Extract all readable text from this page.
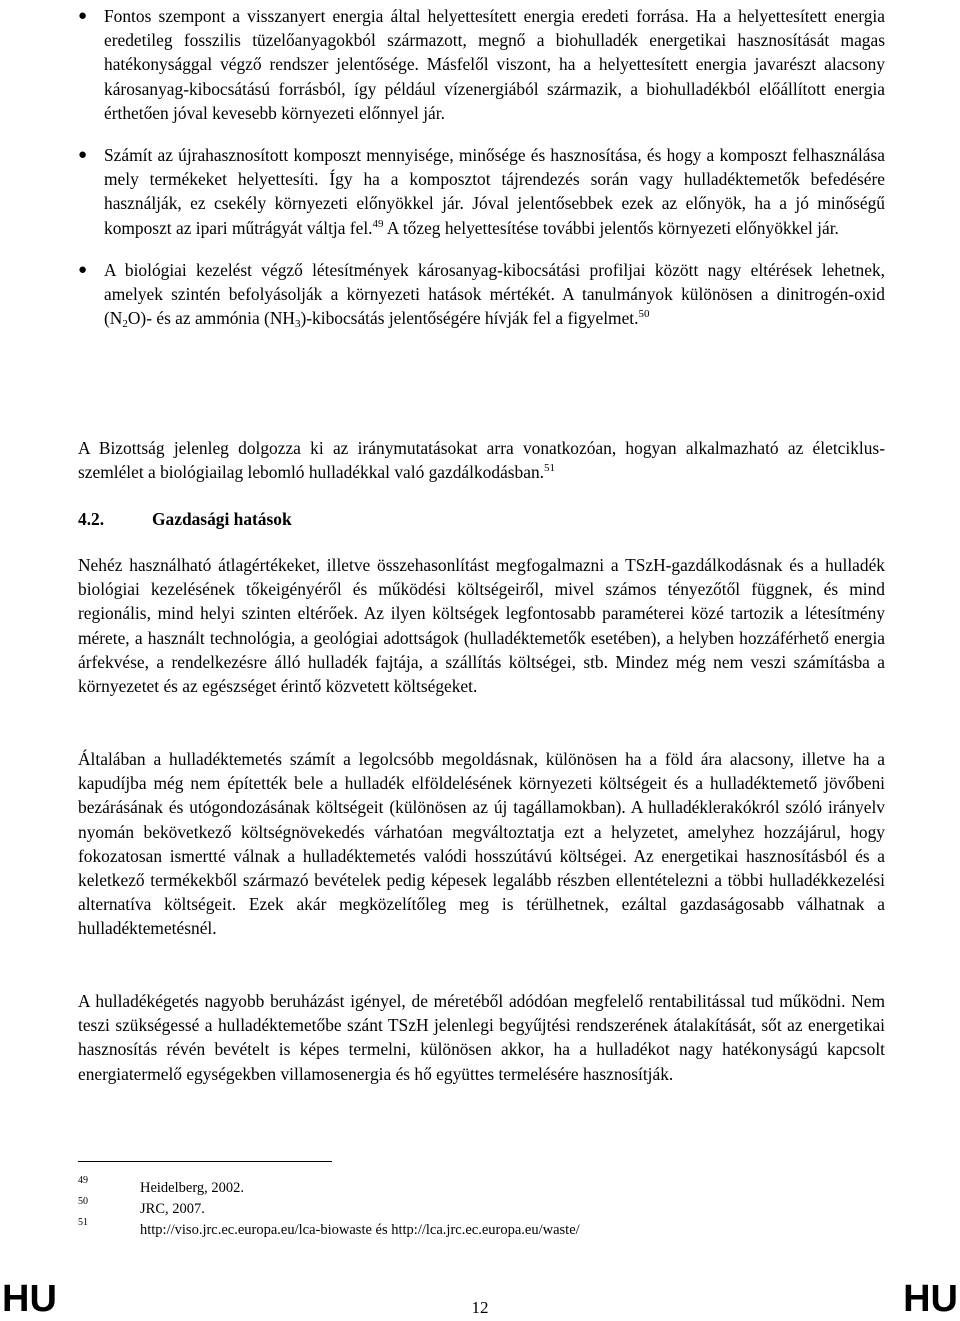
● Fontos szempont a visszanyert energia által helyettesített energia eredeti forrása. Ha a helyettesített energia eredetileg fosszilis tüzelőanyagokból származott, megnő a biohulladék energetikai hasznosítását magas hatékonysággal végző rendszer jelentősége. Másfelől viszont, ha a helyettesített energia javarészt alacsony károsanyag-kibocsátású forrásból, így például vízenergiából származik, a biohulladékból előállított energia érthetően jóval kevesebb környezeti előnnyel jár.
● Számít az újrahasznosított komposzt mennyisége, minősége és hasznosítása, és hogy a komposzt felhasználása mely termékeket helyettesíti. Így ha a komposztot tájrendezés során vagy hulladéktemetők befedésére használják, ez csekély környezeti előnyökkel jár. Jóval jelentősebbek ezek az előnyök, ha a jó minőségű komposzt az ipari műtrágyát váltja fel.$^{49}$ A tőzeg helyettesítése további jelentős környezeti előnyökkel jár.
● A biológiai kezelést végző létesítmények károsanyag-kibocsátási profiljai között nagy eltérések lehetnek, amelyek szintén befolyásolják a környezeti hatások mértékét. A tanulmányok különösen a dinitrogén-oxid $(N_2O)-$ és az ammónia $(NH_3)$-kibocsátás jelentőségére hívják fel a figyelmet.$^{50}$
A Bizottság jelenleg dolgozza ki az iránymutatásokat arra vonatkozóan, hogyan alkalmazható az életciklus-szemlélet a biológiailag lebomló hulladékkal való gazdálkodásban.$^{51}$
4.2.	Gazdasági hatások
Nehéz használható átlagértékeket, illetve összehasonlítást megfogalmazni a TSzH-gazdálkodásnak és a hulladék biológiai kezelésének tőkeigényéről és működési költségeiről, mivel számos tényezőtől függnek, és mind regionális, mind helyi szinten eltérőek. Az ilyen költségek legfontosabb paraméterei közé tartozik a létesítmény mérete, a használt technológia, a geológiai adottságok (hulladéktemetők esetében), a helyben hozzáférhető energia árfekvése, a rendelkezésre álló hulladék fajtája, a szállítás költségei, stb. Mindez még nem veszi számításba a környezetet és az egészséget érintő közvetett költségeket.
Általában a hulladéktemetés számít a legolcsóbb megoldásnak, különösen ha a föld ára alacsony, illetve ha a kapudíjba még nem építették bele a hulladék elföldelésének környezeti költségeit és a hulladéktemető jövőbeni bezárásának és utógondozásának költségeit (különösen az új tagállamokban). A hulladéklerakókról szóló irányelv nyomán bekövetkező költségnövekedés várhatóan megváltoztatja ezt a helyzetet, amelyhez hozzájárul, hogy fokozatosan ismertté válnak a hulladéktemetés valódi hosszútávú költségei. Az energetikai hasznosításból és a keletkező termékekből származó bevételek pedig képesek legalább részben ellentételezni a többi hulladékkezelési alternatíva költségeit. Ezek akár megközelítőleg meg is térülhetnek, ezáltal gazdaságosabb válhatnak a hulladéktemetésnél.
A hulladékégetés nagyobb beruházást igényel, de méretéből adódóan megfelelő rentabilitással tud működni. Nem teszi szükségessé a hulladéktemetőbe szánt TSzH jelenlegi begyűjtési rendszerének átalakítását, sőt az energetikai hasznosítás révén bevételt is képes termelni, különösen akkor, ha a hulladékot nagy hatékonyságú kapcsolt energiatermelő egységekben villamosenergia és hő együttes termelésére hasznosítják.
49	Heidelberg, 2002.
50	JRC, 2007.
51	http://viso.jrc.ec.europa.eu/lca-biowaste és http://lca.jrc.ec.europa.eu/waste/
HU	12	HU
